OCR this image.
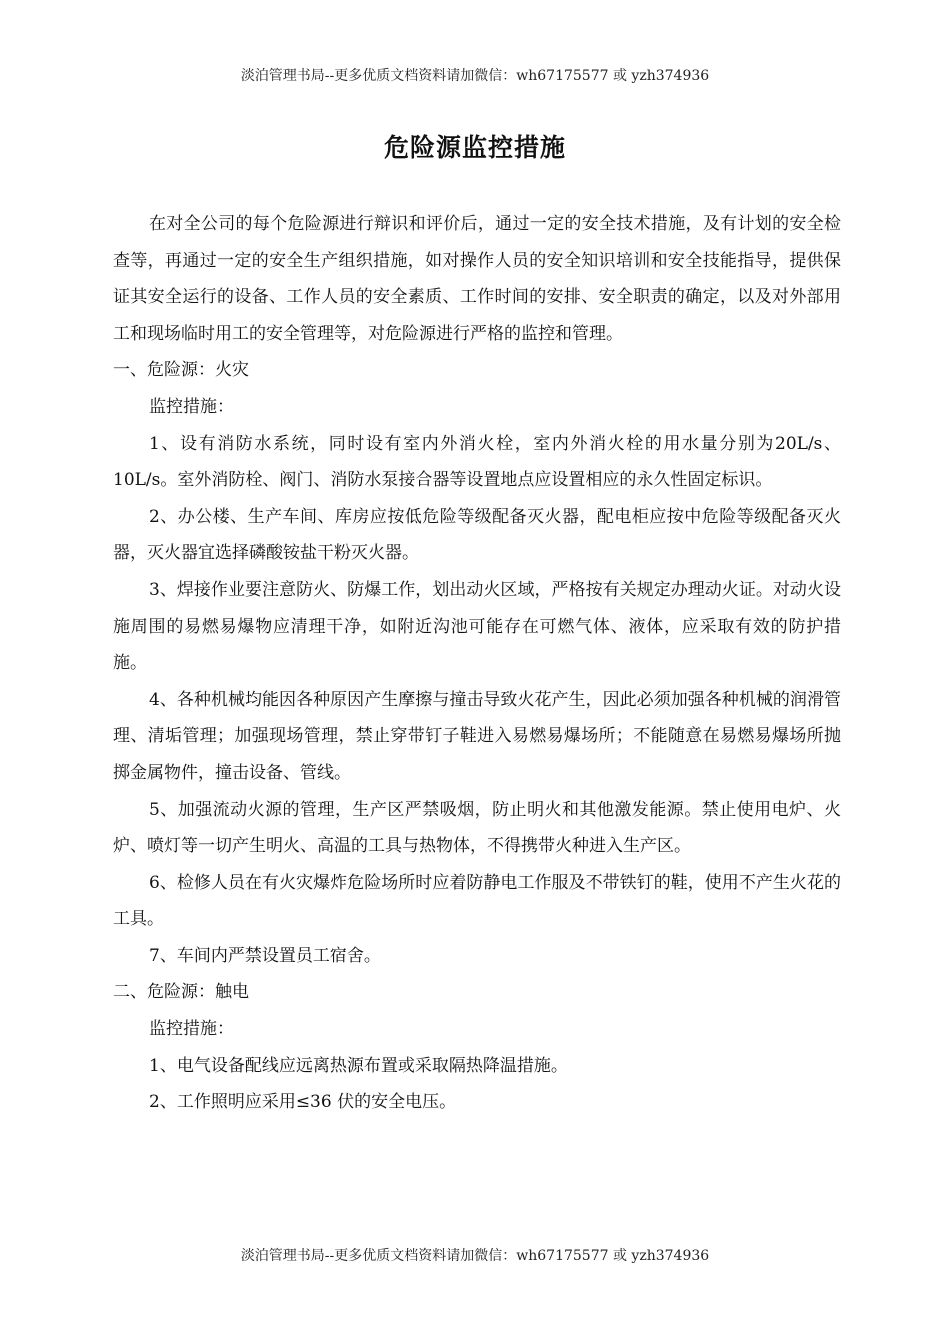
淡泊管理书局--更多优质文档资料请加微信：wh67175577 或 yzh374936
危险源监控措施

在对全公司的每个危险源进行辩识和评价后，通过一定的安全技术措施，及有计划的安全检查等，再通过一定的安全生产组织措施，如对操作人员的安全知识培训和安全技能指导，提供保证其安全运行的设备、工作人员的安全素质、工作时间的安排、安全职责的确定，以及对外部用工和现场临时用工的安全管理等，对危险源进行严格的监控和管理。

一、危险源：火灾

监控措施：

1、设有消防水系统，同时设有室内外消火栓，室内外消火栓的用水量分别为20L/s、10L/s。室外消防栓、阀门、消防水泵接合器等设置地点应设置相应的永久性固定标识。

2、办公楼、生产车间、库房应按低危险等级配备灭火器，配电柜应按中危险等级配备灭火器，灭火器宜选择磷酸铵盐干粉灭火器。

3、焊接作业要注意防火、防爆工作，划出动火区域，严格按有关规定办理动火证。对动火设施周围的易燃易爆物应清理干净，如附近沟池可能存在可燃气体、液体，应采取有效的防护措施。

4、各种机械均能因各种原因产生摩擦与撞击导致火花产生，因此必须加强各种机械的润滑管理、清垢管理；加强现场管理，禁止穿带钉子鞋进入易燃易爆场所；不能随意在易燃易爆场所抛掷金属物件，撞击设备、管线。

5、加强流动火源的管理，生产区严禁吸烟，防止明火和其他激发能源。禁止使用电炉、火炉、喷灯等一切产生明火、高温的工具与热物体，不得携带火种进入生产区。

6、检修人员在有火灾爆炸危险场所时应着防静电工作服及不带铁钉的鞋，使用不产生火花的工具。

7、车间内严禁设置员工宿舍。

二、危险源：触电

监控措施：

1、电气设备配线应远离热源布置或采取隔热降温措施。

2、工作照明应采用≤36 伏的安全电压。

淡泊管理书局--更多优质文档资料请加微信：wh67175577 或 yzh374936
